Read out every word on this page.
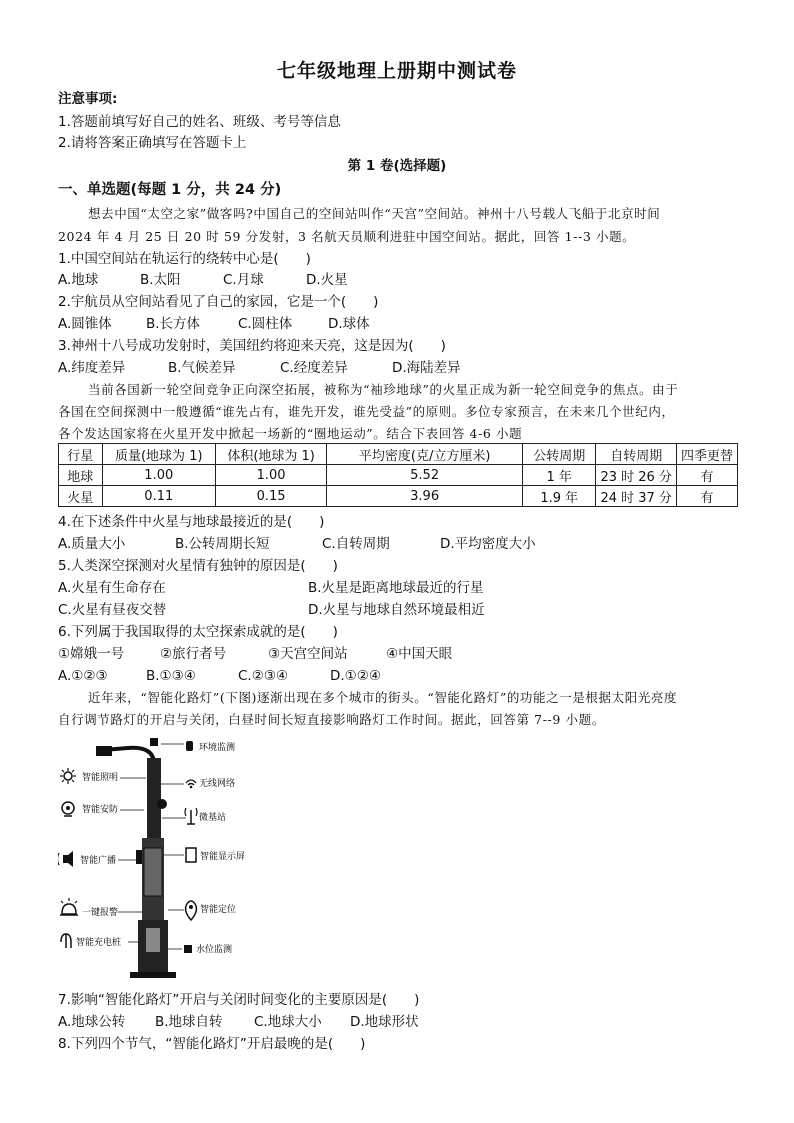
七年级地理上册期中测试卷
注意事项:
1.答题前填写好自己的姓名、班级、考号等信息
2.请将答案正确填写在答题卡上
第 1 卷(选择题)
一、单选题(每题 1 分，共 24 分)
想去中国“太空之家”做客吗?中国自己的空间站叫作“天宫”空间站。神州十八号载人飞船于北京时间
2024 年 4 月 25 日 20 时 59 分发射，3 名航天员顺利进驻中国空间站。据此，回答 1--3 小题。
1.中国空间站在轨运行的绕转中心是(　　)
A.地球	B.太阳	C.月球	D.火星
2.宇航员从空间站看见了自己的家园，它是一个(　　)
A.圆锥体	B.长方体	C.圆柱体	D.球体
3.神州十八号成功发射时，美国纽约将迎来天亮，这是因为(　　)
A.纬度差异	B.气候差异	C.经度差异	D.海陆差异
当前各国新一轮空间竞争正向深空拓展，被称为“袖珍地球”的火星正成为新一轮空间竞争的焦点。由于
各国在空间探测中一般遵循“谁先占有，谁先开发，谁先受益”的原则。多位专家预言，在未来几个世纪内，
各个发达国家将在火星开发中掀起一场新的“圈地运动”。结合下表回答 4-6 小题
行星	质量(地球为 1)	体积(地球为 1)	平均密度(克/立方厘米)	公转周期	自转周期	四季更替
地球	1.00	1.00	5.52	1 年	23 时 26 分	有
火星	0.11	0.15	3.96	1.9 年	24 时 37 分	有
4.在下述条件中火星与地球最接近的是(　　)
A.质量大小	B.公转周期长短	C.自转周期	D.平均密度大小
5.人类深空探测对火星情有独钟的原因是(　　)
A.火星有生命存在	B.火星是距离地球最近的行星
C.火星有昼夜交替	D.火星与地球自然环境最相近
6.下列属于我国取得的太空探索成就的是(　　)
①嫦娥一号	②旅行者号	③天宫空间站	④中国天眼
A.①②③	B.①③④	C.②③④	D.①②④
近年来，“智能化路灯”(下图)逐渐出现在多个城市的街头。“智能化路灯”的功能之一是根据太阳光亮度
自行调节路灯的开启与关闭，白昼时间长短直接影响路灯工作时间。据此，回答第 7--9 小题。
智能照明
智能安防
智能广播
一键报警
智能充电桩
环境监测
无线网络
微基站
智能显示屏
智能定位
水位监测
7.影响“智能化路灯”开启与关闭时间变化的主要原因是(　　)
A.地球公转 B.地球自转 C.地球大小 D.地球形状
8.下列四个节气，“智能化路灯”开启最晚的是(　　)
